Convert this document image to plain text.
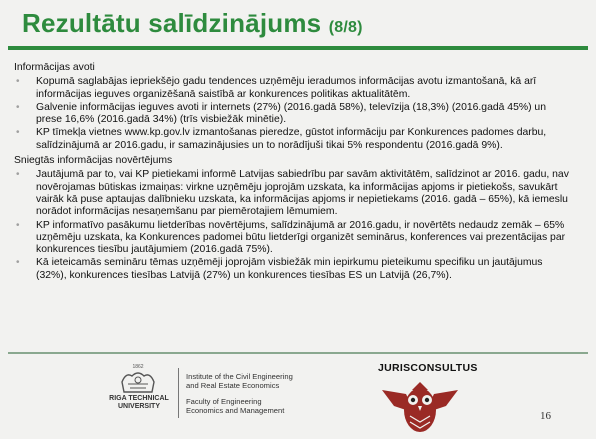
Rezultātu salīdzinājums (8/8)
Informācijas avoti
• Kopumā saglabājas iepriekšējo gadu tendences uzņēmēju ieradumos informācijas avotu izmantošanā, kā arī informācijas ieguves organizēšanā saistībā ar konkurences politikas aktualitātēm.
• Galvenie informācijas ieguves avoti ir internets (27%) (2016.gadā 58%), televīzija (18,3%) (2016.gadā 45%) un prese 16,6% (2016.gadā 34%) (trīs visbiežāk minētie).
• KP tīmekļa vietnes www.kp.gov.lv izmantošanas pieredze, gūstot informāciju par Konkurences padomes darbu, salīdzinājumā ar 2016.gadu, ir samazinājusies un to norādījuši tikai 5% respondentu (2016.gadā 9%).
Sniegtās informācijas novērtējums
• Jautājumā par to, vai KP pietiekami informē Latvijas sabiedrību par savām aktivitātēm, salīdzinot ar 2016. gadu, nav novērojamas būtiskas izmaiņas: virkne uzņēmēju joprojām uzskata, ka informācijas apjoms ir pietiekošs, savukārt vairāk kā puse aptaujas dalībnieku uzskata, ka informācijas apjoms ir nepietiekams (2016. gadā – 65%), kā iemeslu norādot informācijas nesaņemšanu par piemērotajiem lēmumiem.
• KP informatīvo pasākumu lietderības novērtējums, salīdzinājumā ar 2016.gadu, ir novērtēts nedaudz zemāk – 65% uzņēmēju uzskata, ka Konkurences padomei būtu lietderīgi organizēt seminārus, konferences vai prezentācijas par konkurences tiesību jautājumiem (2016.gadā 75%).
• Kā ieteicamās semināru tēmas uzņēmēji joprojām visbiežāk min iepirkumu pieteikumu specifiku un jautājumus (32%), konkurences tiesības Latvijā (27%) un konkurences tiesības ES un Latvijā (26,7%).
1862
RIGA TECHNICAL
UNIVERSITY
Institute of the Civil Engineering
and Real Estate Economics
Faculty of Engineering
Economics and Management
JURISCONSULTUS
16
